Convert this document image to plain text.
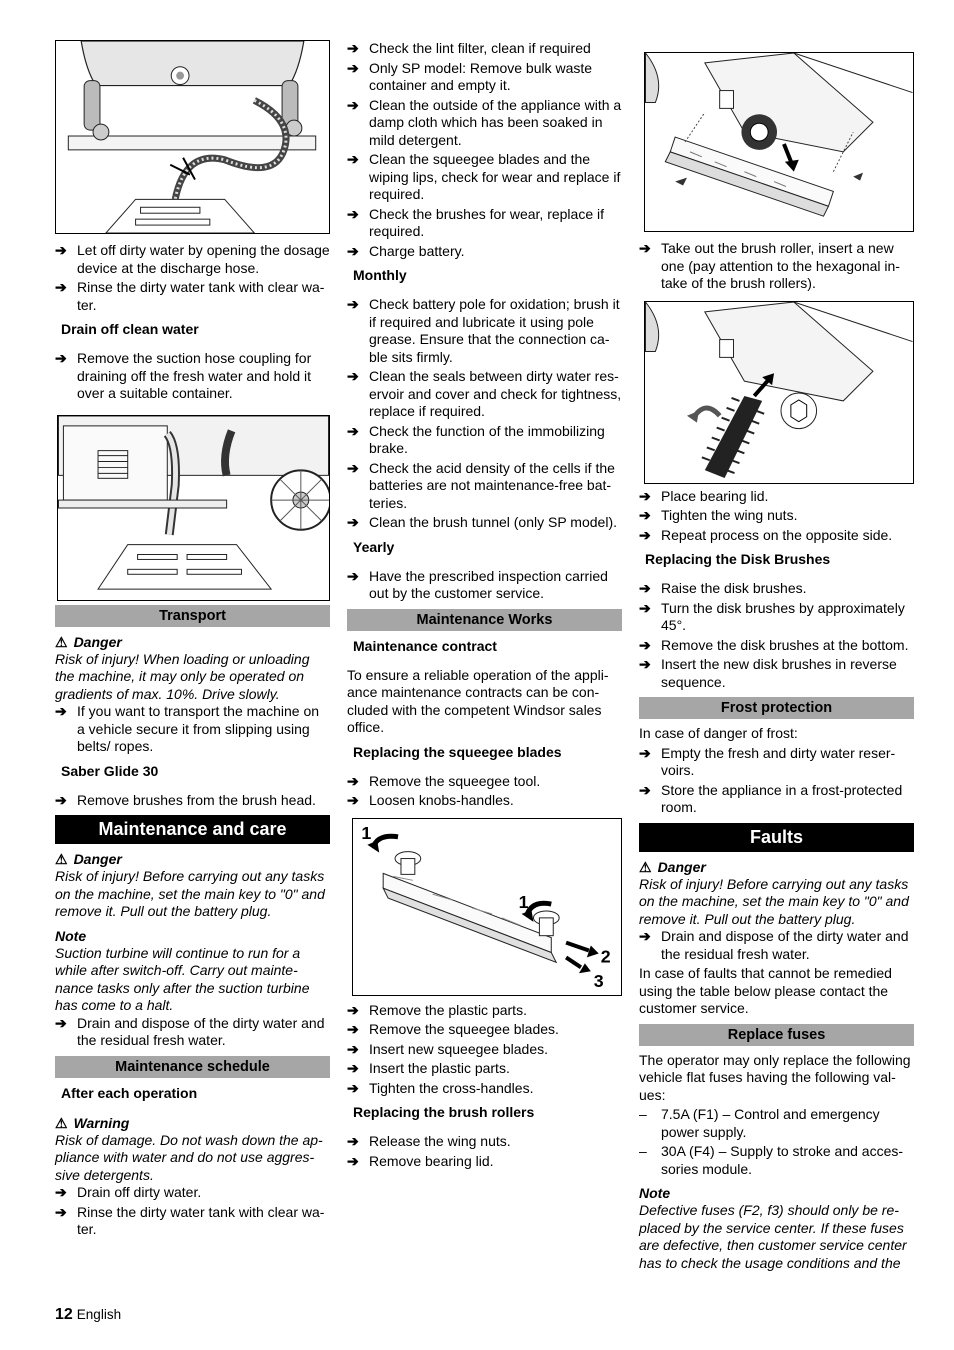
➔ Let off dirty water by opening the dosage device at the discharge hose.
➔ Rinse the dirty water tank with clear water.
Drain off clean water
➔ Remove the suction hose coupling for draining off the fresh water and hold it over a suitable container.
Transport
⚠ Danger
Risk of injury! When loading or unloading the machine, it may only be operated on gradients of max. 10%. Drive slowly.
➔ If you want to transport the machine on a vehicle secure it from slipping using belts/ ropes.
Saber Glide 30
➔ Remove brushes from the brush head.
Maintenance and care
⚠ Danger
Risk of injury! Before carrying out any tasks on the machine, set the main key to "0" and remove it. Pull out the battery plug.
Note
Suction turbine will continue to run for a while after switch-off. Carry out maintenance tasks only after the suction turbine has come to a halt.
➔ Drain and dispose of the dirty water and the residual fresh water.
Maintenance schedule
After each operation
⚠ Warning
Risk of damage. Do not wash down the appliance with water and do not use aggressive detergents.
➔ Drain off dirty water.
➔ Rinse the dirty water tank with clear water.
➔ Check the lint filter, clean if required
➔ Only SP model: Remove bulk waste container and empty it.
➔ Clean the outside of the appliance with a damp cloth which has been soaked in mild detergent.
➔ Clean the squeegee blades and the wiping lips, check for wear and replace if required.
➔ Check the brushes for wear, replace if required.
➔ Charge battery.
Monthly
➔ Check battery pole for oxidation; brush it if required and lubricate it using pole grease. Ensure that the connection cable sits firmly.
➔ Clean the seals between dirty water reservoir and cover and check for tightness, replace if required.
➔ Check the function of the immobilizing brake.
➔ Check the acid density of the cells if the batteries are not maintenance-free batteries.
➔ Clean the brush tunnel (only SP model).
Yearly
➔ Have the prescribed inspection carried out by the customer service.
Maintenance Works
Maintenance contract
To ensure a reliable operation of the appliance maintenance contracts can be concluded with the competent Windsor sales office.
Replacing the squeegee blades
➔ Remove the squeegee tool.
➔ Loosen knobs-handles.
1
1
2
3
➔ Remove the plastic parts.
➔ Remove the squeegee blades.
➔ Insert new squeegee blades.
➔ Insert the plastic parts.
➔ Tighten the cross-handles.
Replacing the brush rollers
➔ Release the wing nuts.
➔ Remove bearing lid.
➔ Take out the brush roller, insert a new one (pay attention to the hexagonal intake of the brush rollers).
➔ Place bearing lid.
➔ Tighten the wing nuts.
➔ Repeat process on the opposite side.
Replacing the Disk Brushes
➔ Raise the disk brushes.
➔ Turn the disk brushes by approximately 45°.
➔ Remove the disk brushes at the bottom.
➔ Insert the new disk brushes in reverse sequence.
Frost protection
In case of danger of frost:
➔ Empty the fresh and dirty water reservoirs.
➔ Store the appliance in a frost-protected room.
Faults
⚠ Danger
Risk of injury! Before carrying out any tasks on the machine, set the main key to "0" and remove it. Pull out the battery plug.
➔ Drain and dispose of the dirty water and the residual fresh water.
In case of faults that cannot be remedied using the table below please contact the customer service.
Replace fuses
The operator may only replace the following vehicle flat fuses having the following values:
–	7.5A (F1) – Control and emergency power supply.
–	30A (F4) – Supply to stroke and accessories module.
Note
Defective fuses (F2, f3) should only be replaced by the service center. If these fuses are defective, then customer service center has to check the usage conditions and the
12 English
